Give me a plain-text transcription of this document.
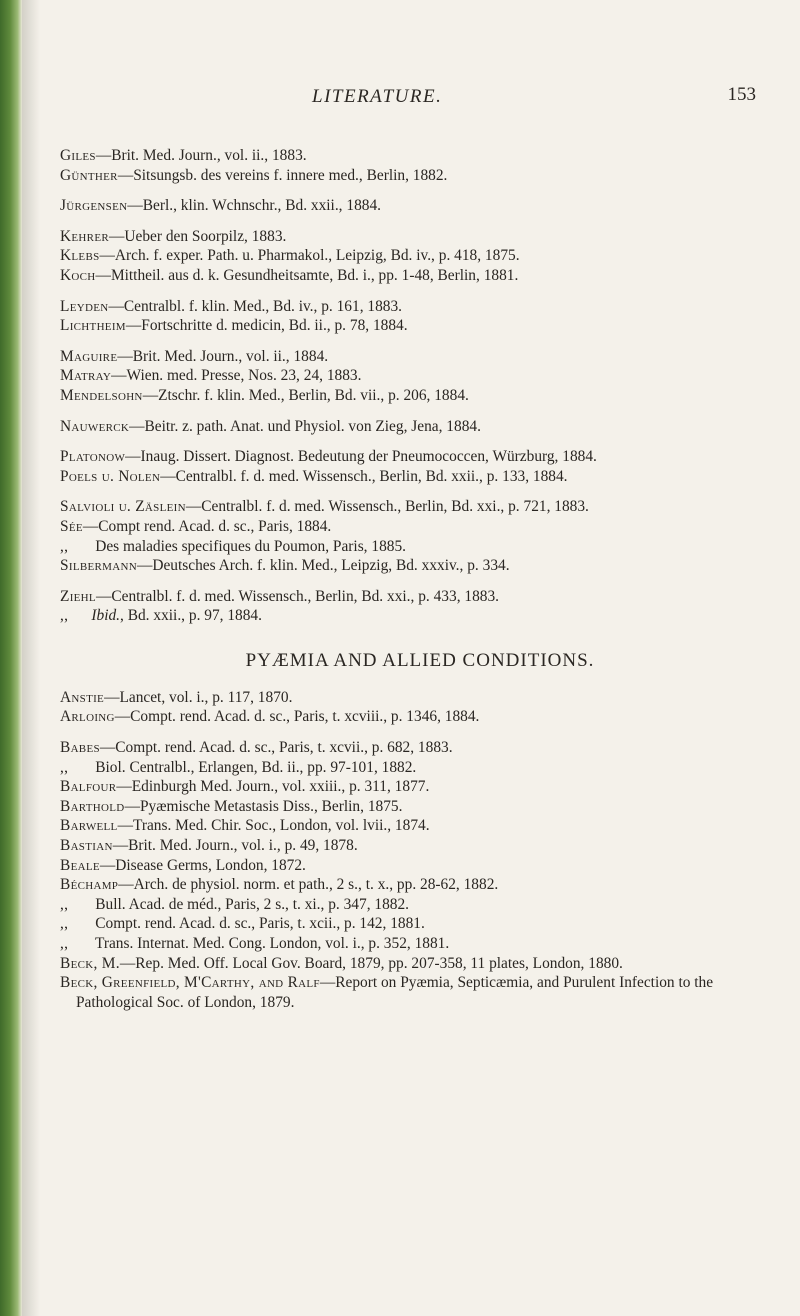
LITERATURE.	153
Giles—Brit. Med. Journ., vol. ii., 1883.
Günther—Sitsungsb. des vereins f. innere med., Berlin, 1882.
Jürgensen—Berl., klin. Wchnschr., Bd. xxii., 1884.
Kehrer—Ueber den Soorpilz, 1883.
Klebs—Arch. f. exper. Path. u. Pharmakol., Leipzig, Bd. iv., p. 418, 1875.
Koch—Mittheil. aus d. k. Gesundheitsamte, Bd. i., pp. 1-48, Berlin, 1881.
Leyden—Centralbl. f. klin. Med., Bd. iv., p. 161, 1883.
Lichtheim—Fortschritte d. medicin, Bd. ii., p. 78, 1884.
Maguire—Brit. Med. Journ., vol. ii., 1884.
Matray—Wien. med. Presse, Nos. 23, 24, 1883.
Mendelsohn—Ztschr. f. klin. Med., Berlin, Bd. vii., p. 206, 1884.
Nauwerck—Beitr. z. path. Anat. und Physiol. von Zieg, Jena, 1884.
Platonow—Inaug. Dissert. Diagnost. Bedeutung der Pneumococcen, Würzburg, 1884.
Poels u. Nolen—Centralbl. f. d. med. Wissensch., Berlin, Bd. xxii., p. 133, 1884.
Salvioli u. Zäslein—Centralbl. f. d. med. Wissensch., Berlin, Bd. xxi., p. 721, 1883.
Sée—Compt rend. Acad. d. sc., Paris, 1884.
,,   Des maladies specifiques du Poumon, Paris, 1885.
Silbermann—Deutsches Arch. f. klin. Med., Leipzig, Bd. xxxiv., p. 334.
Ziehl—Centralbl. f. d. med. Wissensch., Berlin, Bd. xxi., p. 433, 1883.
,,   Ibid., Bd. xxii., p. 97, 1884.
PYÆMIA AND ALLIED CONDITIONS.
Anstie—Lancet, vol. i., p. 117, 1870.
Arloing—Compt. rend. Acad. d. sc., Paris, t. xcviii., p. 1346, 1884.
Babes—Compt. rend. Acad. d. sc., Paris, t. xcvii., p. 682, 1883.
,,   Biol. Centralbl., Erlangen, Bd. ii., pp. 97-101, 1882.
Balfour—Edinburgh Med. Journ., vol. xxiii., p. 311, 1877.
Barthold—Pyæmische Metastasis Diss., Berlin, 1875.
Barwell—Trans. Med. Chir. Soc., London, vol. lvii., 1874.
Bastian—Brit. Med. Journ., vol. i., p. 49, 1878.
Beale—Disease Germs, London, 1872.
Béchamp—Arch. de physiol. norm. et path., 2 s., t. x., pp. 28-62, 1882.
,,   Bull. Acad. de méd., Paris, 2 s., t. xi., p. 347, 1882.
,,   Compt. rend. Acad. d. sc., Paris, t. xcii., p. 142, 1881.
,,   Trans. Internat. Med. Cong. London, vol. i., p. 352, 1881.
Beck, M.—Rep. Med. Off. Local Gov. Board, 1879, pp. 207-358, 11 plates, London, 1880.
Beck, Greenfield, M'Carthy, and Ralf—Report on Pyæmia, Septicæmia, and Purulent Infection to the Pathological Soc. of London, 1879.
